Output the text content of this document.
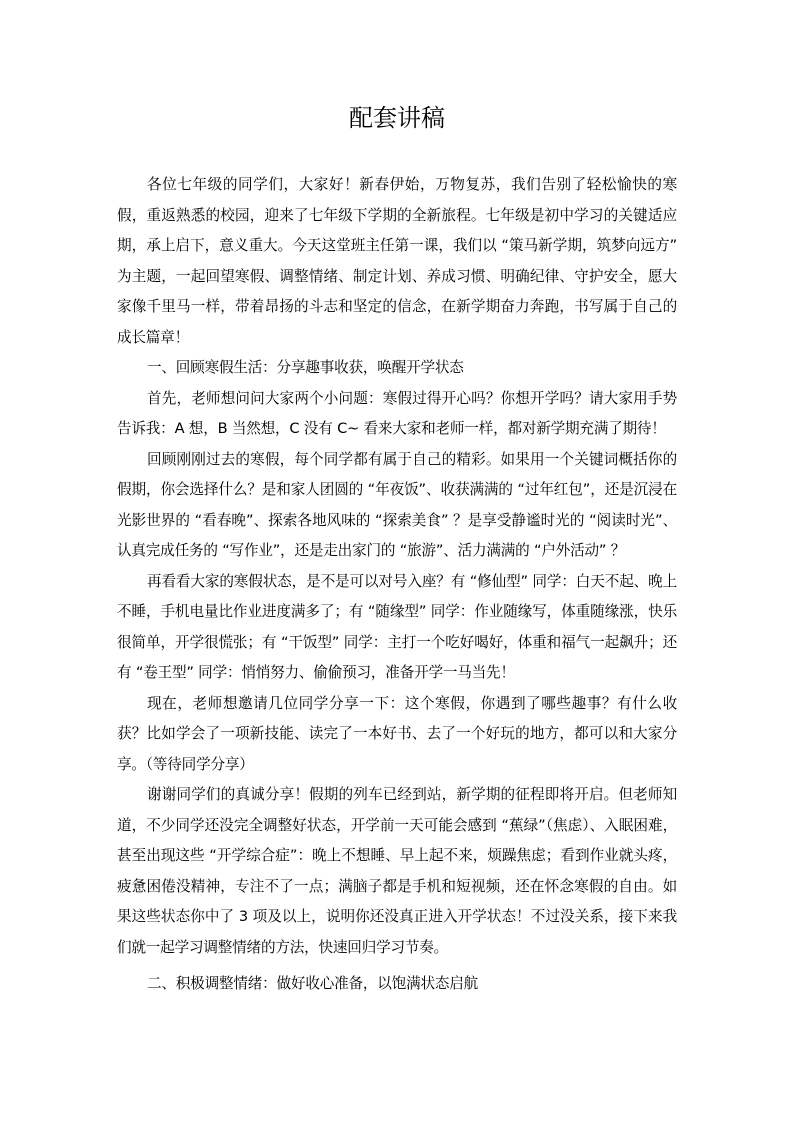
配套讲稿

各位七年级的同学们，大家好！新春伊始，万物复苏，我们告别了轻松愉快的寒假，重返熟悉的校园，迎来了七年级下学期的全新旅程。七年级是初中学习的关键适应期，承上启下，意义重大。今天这堂班主任第一课，我们以 “策马新学期，筑梦向远方” 为主题，一起回望寒假、调整情绪、制定计划、养成习惯、明确纪律、守护安全，愿大家像千里马一样，带着昂扬的斗志和坚定的信念，在新学期奋力奔跑，书写属于自己的成长篇章！

一、回顾寒假生活：分享趣事收获，唤醒开学状态

首先，老师想问问大家两个小问题：寒假过得开心吗？你想开学吗？请大家用手势告诉我：A 想，B 当然想，C 没有 C~ 看来大家和老师一样，都对新学期充满了期待！

回顾刚刚过去的寒假，每个同学都有属于自己的精彩。如果用一个关键词概括你的假期，你会选择什么？是和家人团圆的 “年夜饭”、收获满满的 “过年红包”，还是沉浸在光影世界的 “看春晚”、探索各地风味的 “探索美食” ？是享受静谧时光的 “阅读时光”、认真完成任务的 “写作业”，还是走出家门的 “旅游”、活力满满的 “户外活动” ？

再看看大家的寒假状态，是不是可以对号入座？有 “修仙型” 同学：白天不起、晚上不睡，手机电量比作业进度满多了；有 “随缘型” 同学：作业随缘写，体重随缘涨，快乐很简单，开学很慌张；有 “干饭型” 同学：主打一个吃好喝好，体重和福气一起飙升；还有 “卷王型” 同学：悄悄努力、偷偷预习，准备开学一马当先！

现在，老师想邀请几位同学分享一下：这个寒假，你遇到了哪些趣事？有什么收获？比如学会了一项新技能、读完了一本好书、去了一个好玩的地方，都可以和大家分享。（等待同学分享）

谢谢同学们的真诚分享！假期的列车已经到站，新学期的征程即将开启。但老师知道，不少同学还没完全调整好状态，开学前一天可能会感到 “蕉绿”（焦虑）、入眠困难，甚至出现这些 “开学综合症”：晚上不想睡、早上起不来，烦躁焦虑；看到作业就头疼，疲惫困倦没精神，专注不了一点；满脑子都是手机和短视频，还在怀念寒假的自由。如果这些状态你中了 3 项及以上，说明你还没真正进入开学状态！不过没关系，接下来我们就一起学习调整情绪的方法，快速回归学习节奏。

二、积极调整情绪：做好收心准备，以饱满状态启航
